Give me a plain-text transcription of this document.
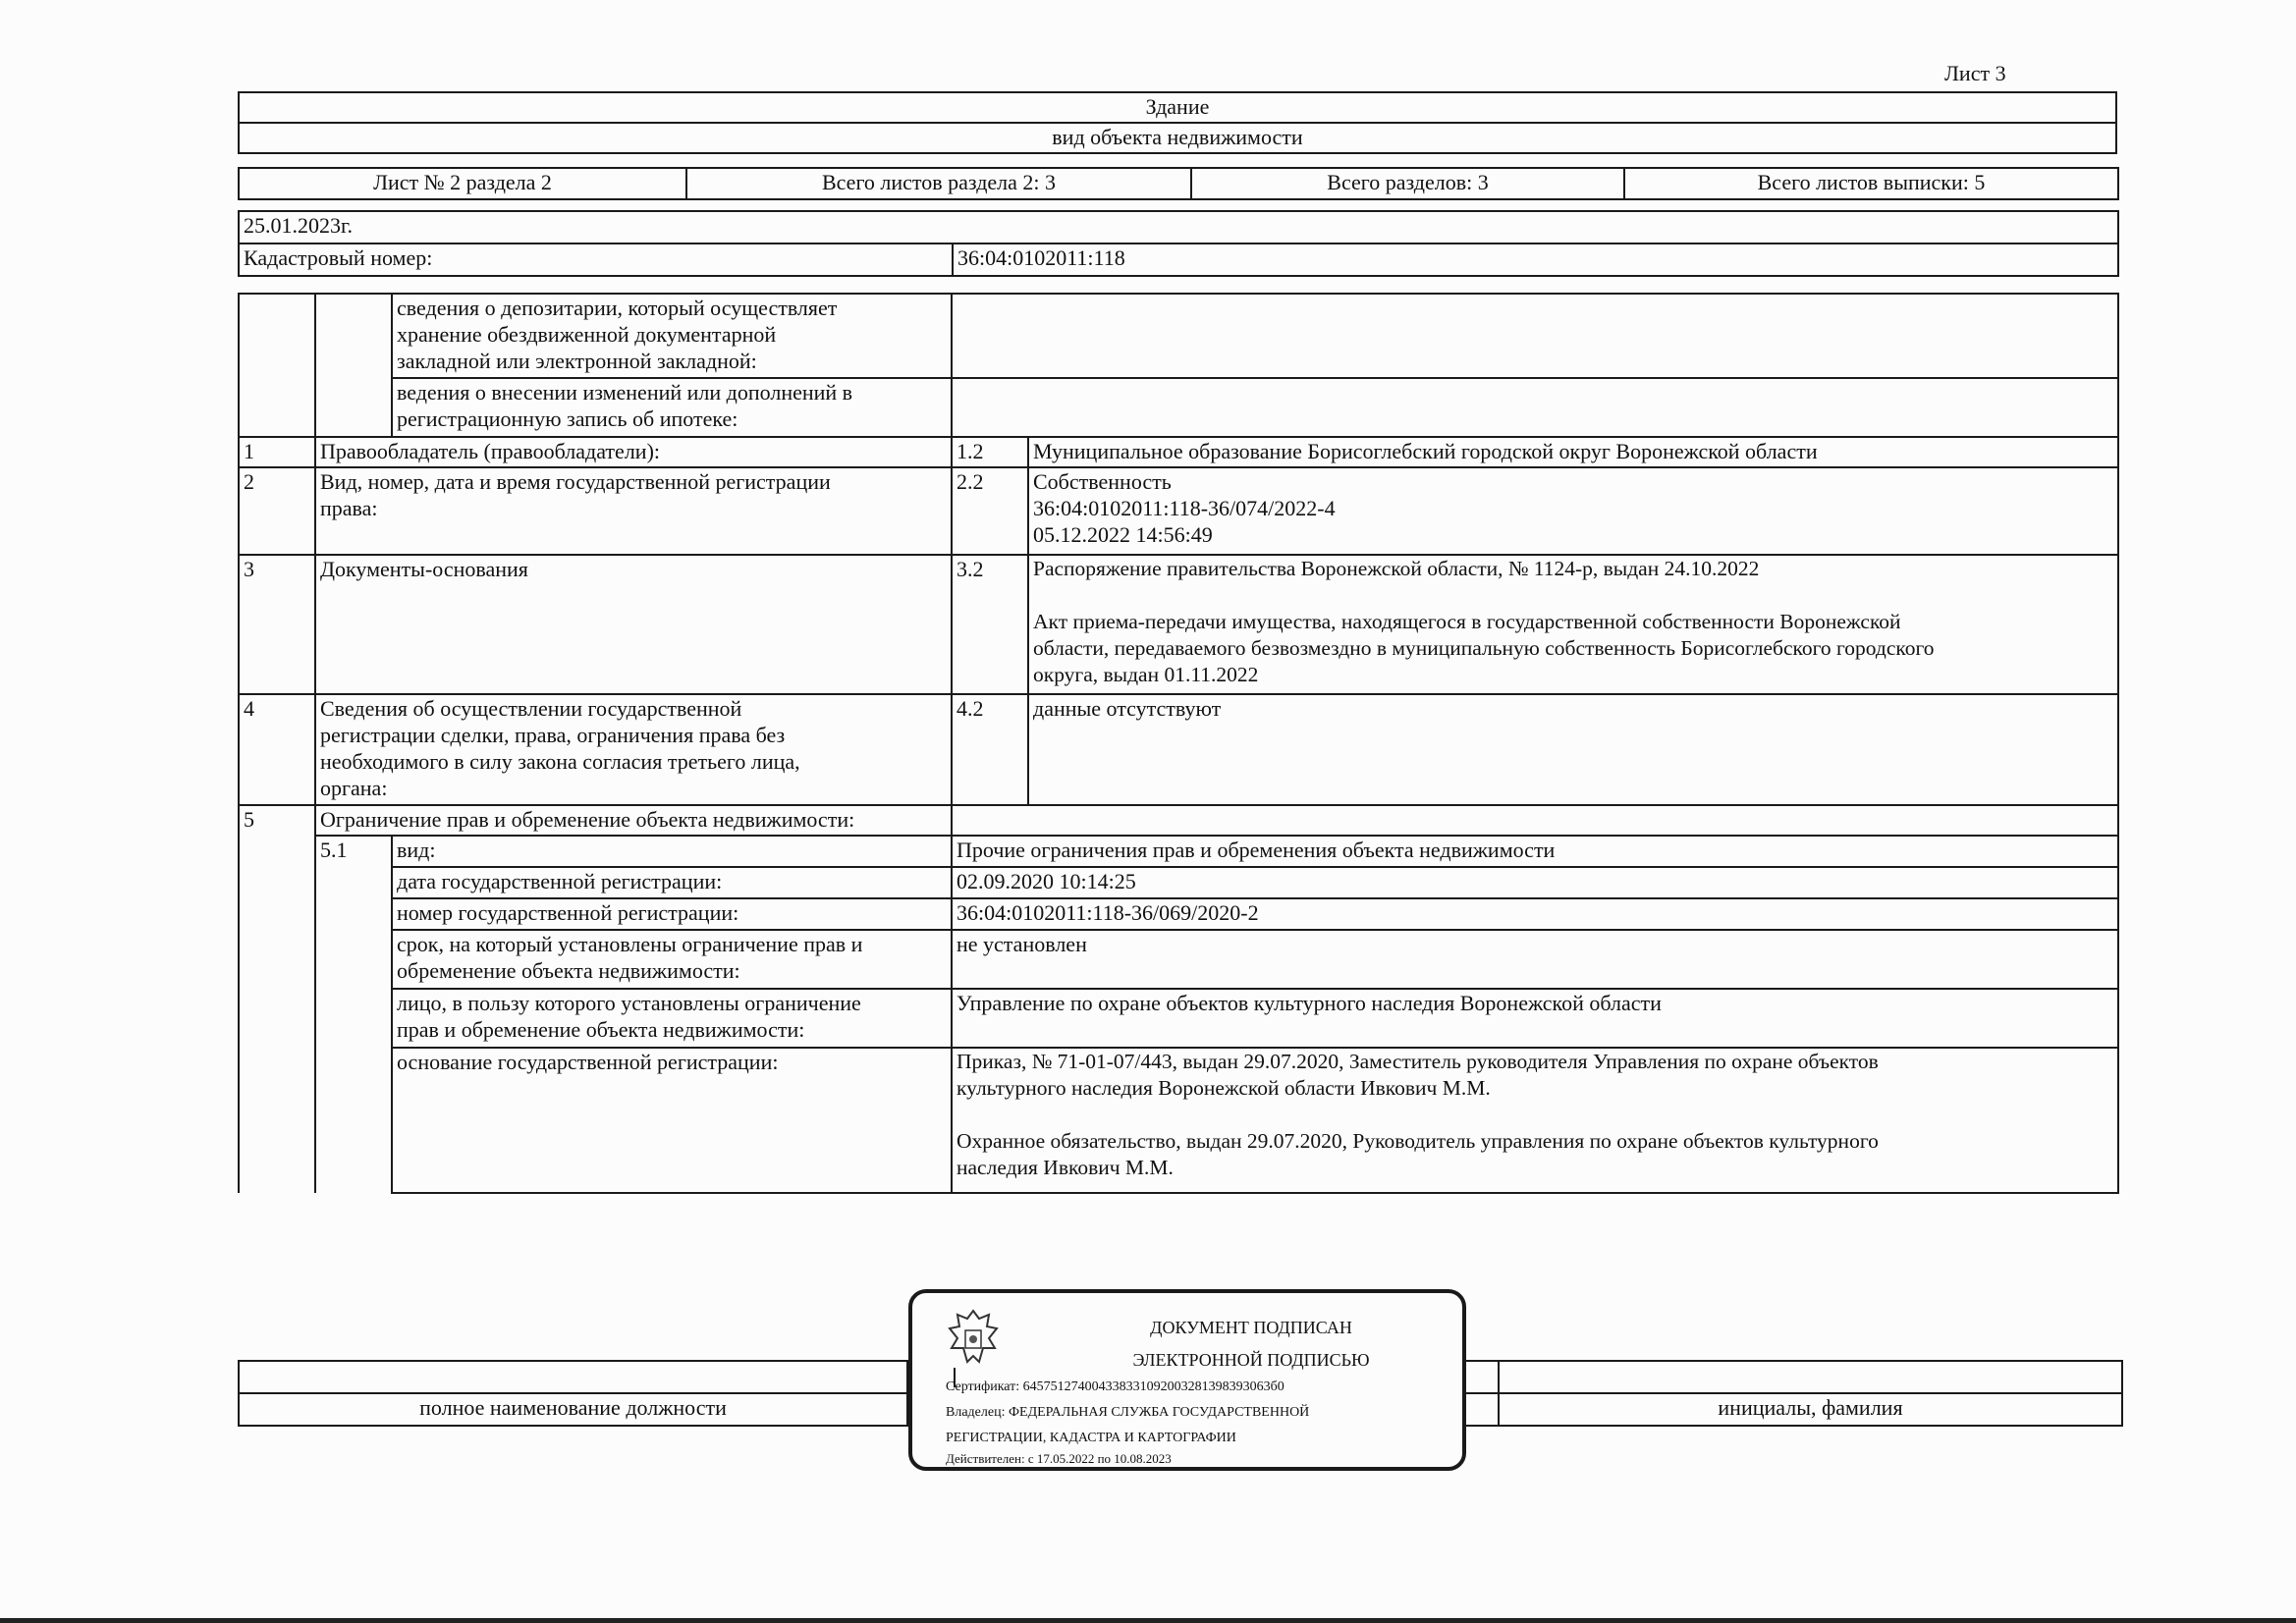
Лист 3
Здание
вид объекта недвижимости
Лист № 2 раздела 2	Всего листов раздела 2: 3	Всего разделов: 3	Всего листов выписки: 5
25.01.2023г.
Кадастровый номер:	36:04:0102011:118
		сведения о депозитарии, который осуществляет
хранение обездвиженной документарной
закладной или электронной закладной:		
		ведения о внесении изменений или дополнений в
регистрационную запись об ипотеке:		
1	Правообладатель (правообладатели):		1.2	Муниципальное образование Борисоглебский городской округ Воронежской области
2	Вид, номер, дата и время государственной регистрации
права:		2.2	Собственность
36:04:0102011:118-36/074/2022-4
05.12.2022 14:56:49
3	Документы-основания		3.2	Распоряжение правительства Воронежской области, № 1124-р, выдан 24.10.2022

Акт приема-передачи имущества, находящегося в государственной собственности Воронежской
области, передаваемого безвозмездно в муниципальную собственность Борисоглебского городского
округа, выдан 01.11.2022
4	Сведения об осуществлении государственной
регистрации сделки, права, ограничения права без
необходимого в силу закона согласия третьего лица,
органа:		4.2	данные отсутствуют
5	Ограничение прав и обременение объекта недвижимости:			
	5.1	вид:	Прочие ограничения прав и обременения объекта недвижимости	
		дата государственной регистрации:	02.09.2020 10:14:25	
		номер государственной регистрации:	36:04:0102011:118-36/069/2020-2	
		срок, на который установлены ограничение прав и
обременение объекта недвижимости:	не установлен	
		лицо, в пользу которого установлены ограничение
прав и обременение объекта недвижимости:	Управление по охране объектов культурного наследия Воронежской области	
		основание государственной регистрации:	Приказ, № 71-01-07/443, выдан 29.07.2020, Заместитель руководителя Управления по охране объектов
культурного наследия Воронежской области Ивкович М.М.

Охранное обязательство, выдан 29.07.2020, Руководитель управления по охране объектов культурного
наследия Ивкович М.М.	

полное наименование должности		инициалы, фамилия
ДОКУМЕНТ ПОДПИСАН
ЭЛЕКТРОННОЙ ПОДПИСЬЮ
Сертификат: 645751274004338331092003281398393063б0
Владелец: ФЕДЕРАЛЬНАЯ СЛУЖБА ГОСУДАРСТВЕННОЙ
РЕГИСТРАЦИИ, КАДАСТРА И КАРТОГРАФИИ
Действителен: с 17.05.2022 по 10.08.2023
